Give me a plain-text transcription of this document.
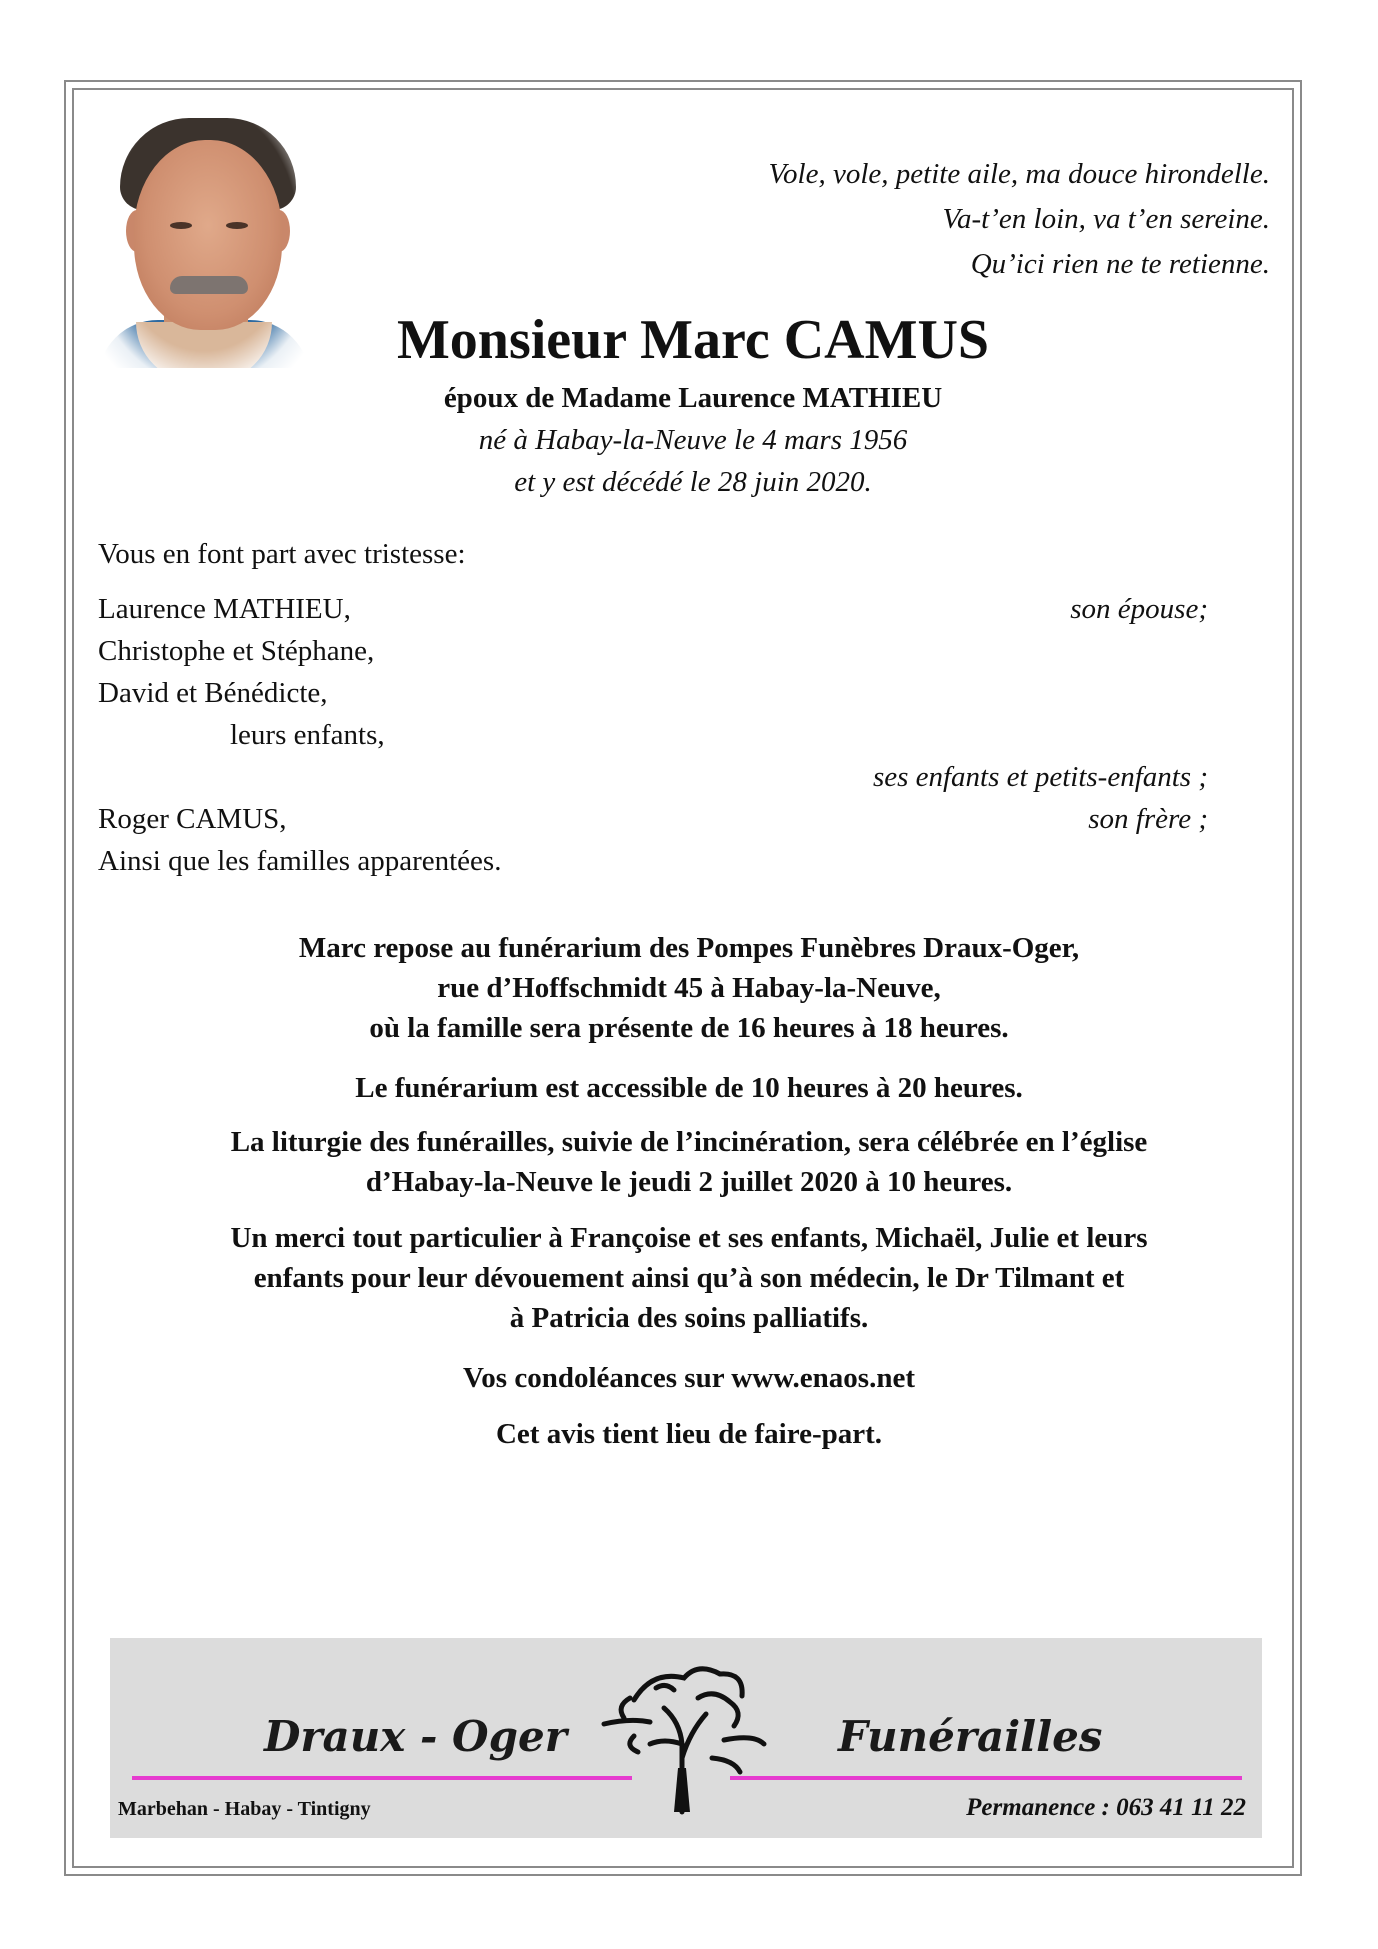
Vole, vole, petite aile, ma douce hirondelle.
Va-t’en loin, va t’en sereine.
Qu’ici rien ne te retienne.
Monsieur Marc CAMUS
époux de Madame Laurence MATHIEU
né à Habay-la-Neuve le 4 mars 1956
et y est décédé le 28 juin 2020.
Vous en font part avec tristesse:
Laurence MATHIEU,	son épouse;
Christophe et Stéphane,
David et Bénédicte,
leurs enfants,
ses enfants et petits-enfants ;
Roger CAMUS,	son frère ;
Ainsi que les familles apparentées.
Marc repose au funérarium des Pompes Funèbres Draux-Oger,
rue d’Hoffschmidt 45 à Habay-la-Neuve,
où la famille sera présente de 16 heures à 18 heures.
Le funérarium est accessible de 10 heures à 20 heures.
La liturgie des funérailles, suivie de l’incinération, sera célébrée en l’église
d’Habay-la-Neuve le jeudi 2 juillet 2020 à 10 heures.
Un merci tout particulier à Françoise et ses enfants, Michaël, Julie et leurs
enfants pour leur dévouement ainsi qu’à son médecin, le Dr Tilmant et
à Patricia des soins palliatifs.
Vos condoléances sur www.enaos.net
Cet avis tient lieu de faire-part.
Draux - Oger	Funérailles
Marbehan - Habay - Tintigny	Permanence : 063 41 11 22
